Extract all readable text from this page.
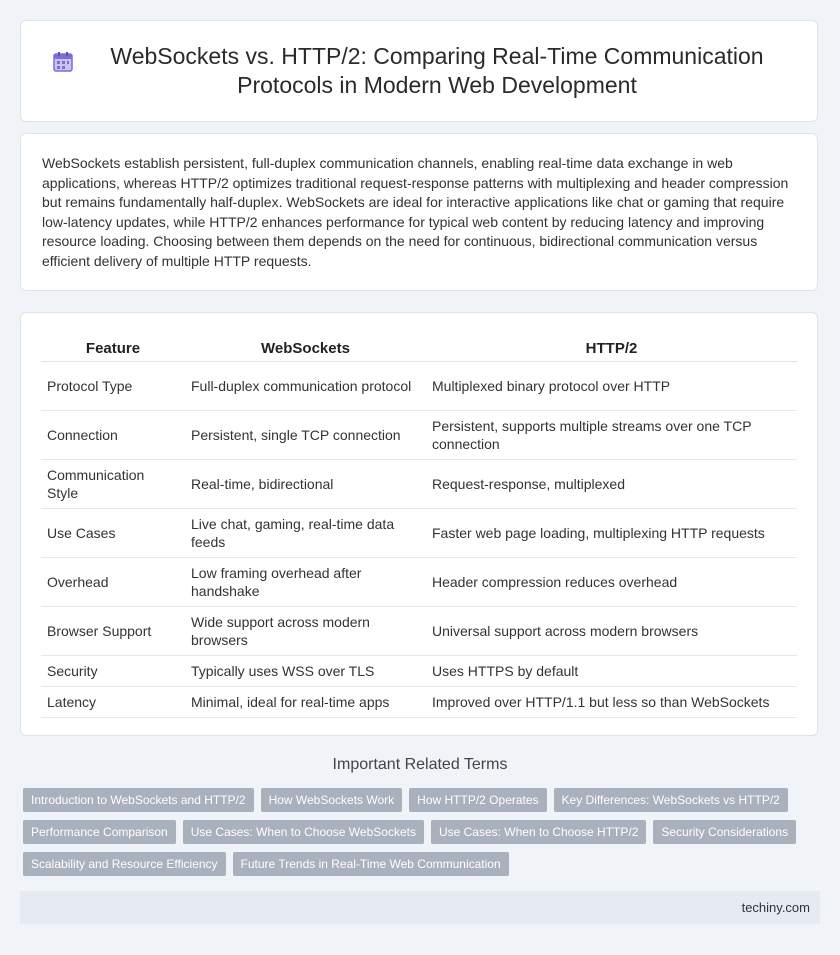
WebSockets vs. HTTP/2: Comparing Real-Time Communication Protocols in Modern Web Development

WebSockets establish persistent, full-duplex communication channels, enabling real-time data exchange in web applications, whereas HTTP/2 optimizes traditional request-response patterns with multiplexing and header compression but remains fundamentally half-duplex. WebSockets are ideal for interactive applications like chat or gaming that require low-latency updates, while HTTP/2 enhances performance for typical web content by reducing latency and improving resource loading. Choosing between them depends on the need for continuous, bidirectional communication versus efficient delivery of multiple HTTP requests.

Feature	WebSockets	HTTP/2
Protocol Type	Full-duplex communication protocol	Multiplexed binary protocol over HTTP
Connection	Persistent, single TCP connection	Persistent, supports multiple streams over one TCP connection
Communication Style	Real-time, bidirectional	Request-response, multiplexed
Use Cases	Live chat, gaming, real-time data feeds	Faster web page loading, multiplexing HTTP requests
Overhead	Low framing overhead after handshake	Header compression reduces overhead
Browser Support	Wide support across modern browsers	Universal support across modern browsers
Security	Typically uses WSS over TLS	Uses HTTPS by default
Latency	Minimal, ideal for real-time apps	Improved over HTTP/1.1 but less so than WebSockets
Important Related Terms
Introduction to WebSockets and HTTP/2	How WebSockets Work	How HTTP/2 Operates	Key Differences: WebSockets vs HTTP/2
Performance Comparison	Use Cases: When to Choose WebSockets	Use Cases: When to Choose HTTP/2	Security Considerations
Scalability and Resource Efficiency	Future Trends in Real-Time Web Communication
techiny.com
